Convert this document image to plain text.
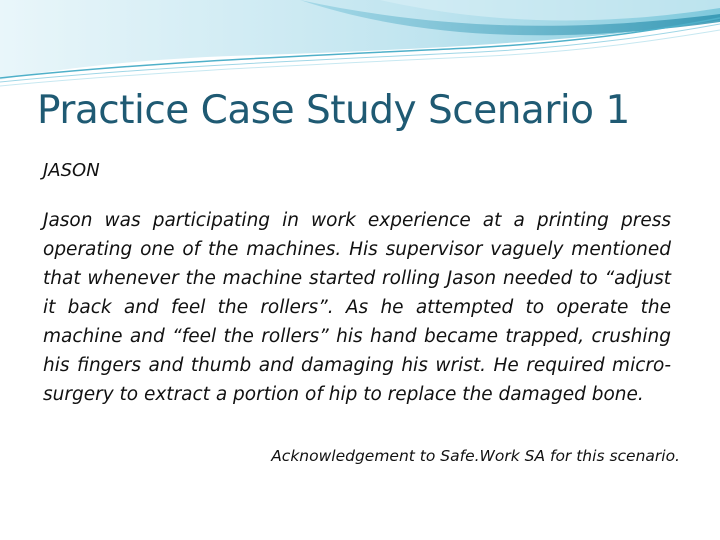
Practice Case Study Scenario 1
JASON
Jason was participating in work experience at a printing press operating one of the machines. His supervisor vaguely mentioned that whenever the machine started rolling Jason needed to “adjust it back and feel the rollers”. As he attempted to operate the machine and “feel the rollers” his hand became trapped, crushing his fingers and thumb and damaging his wrist. He required micro-surgery to extract a portion of hip to replace the damaged bone.
Acknowledgement to Safe.Work SA for this scenario.
